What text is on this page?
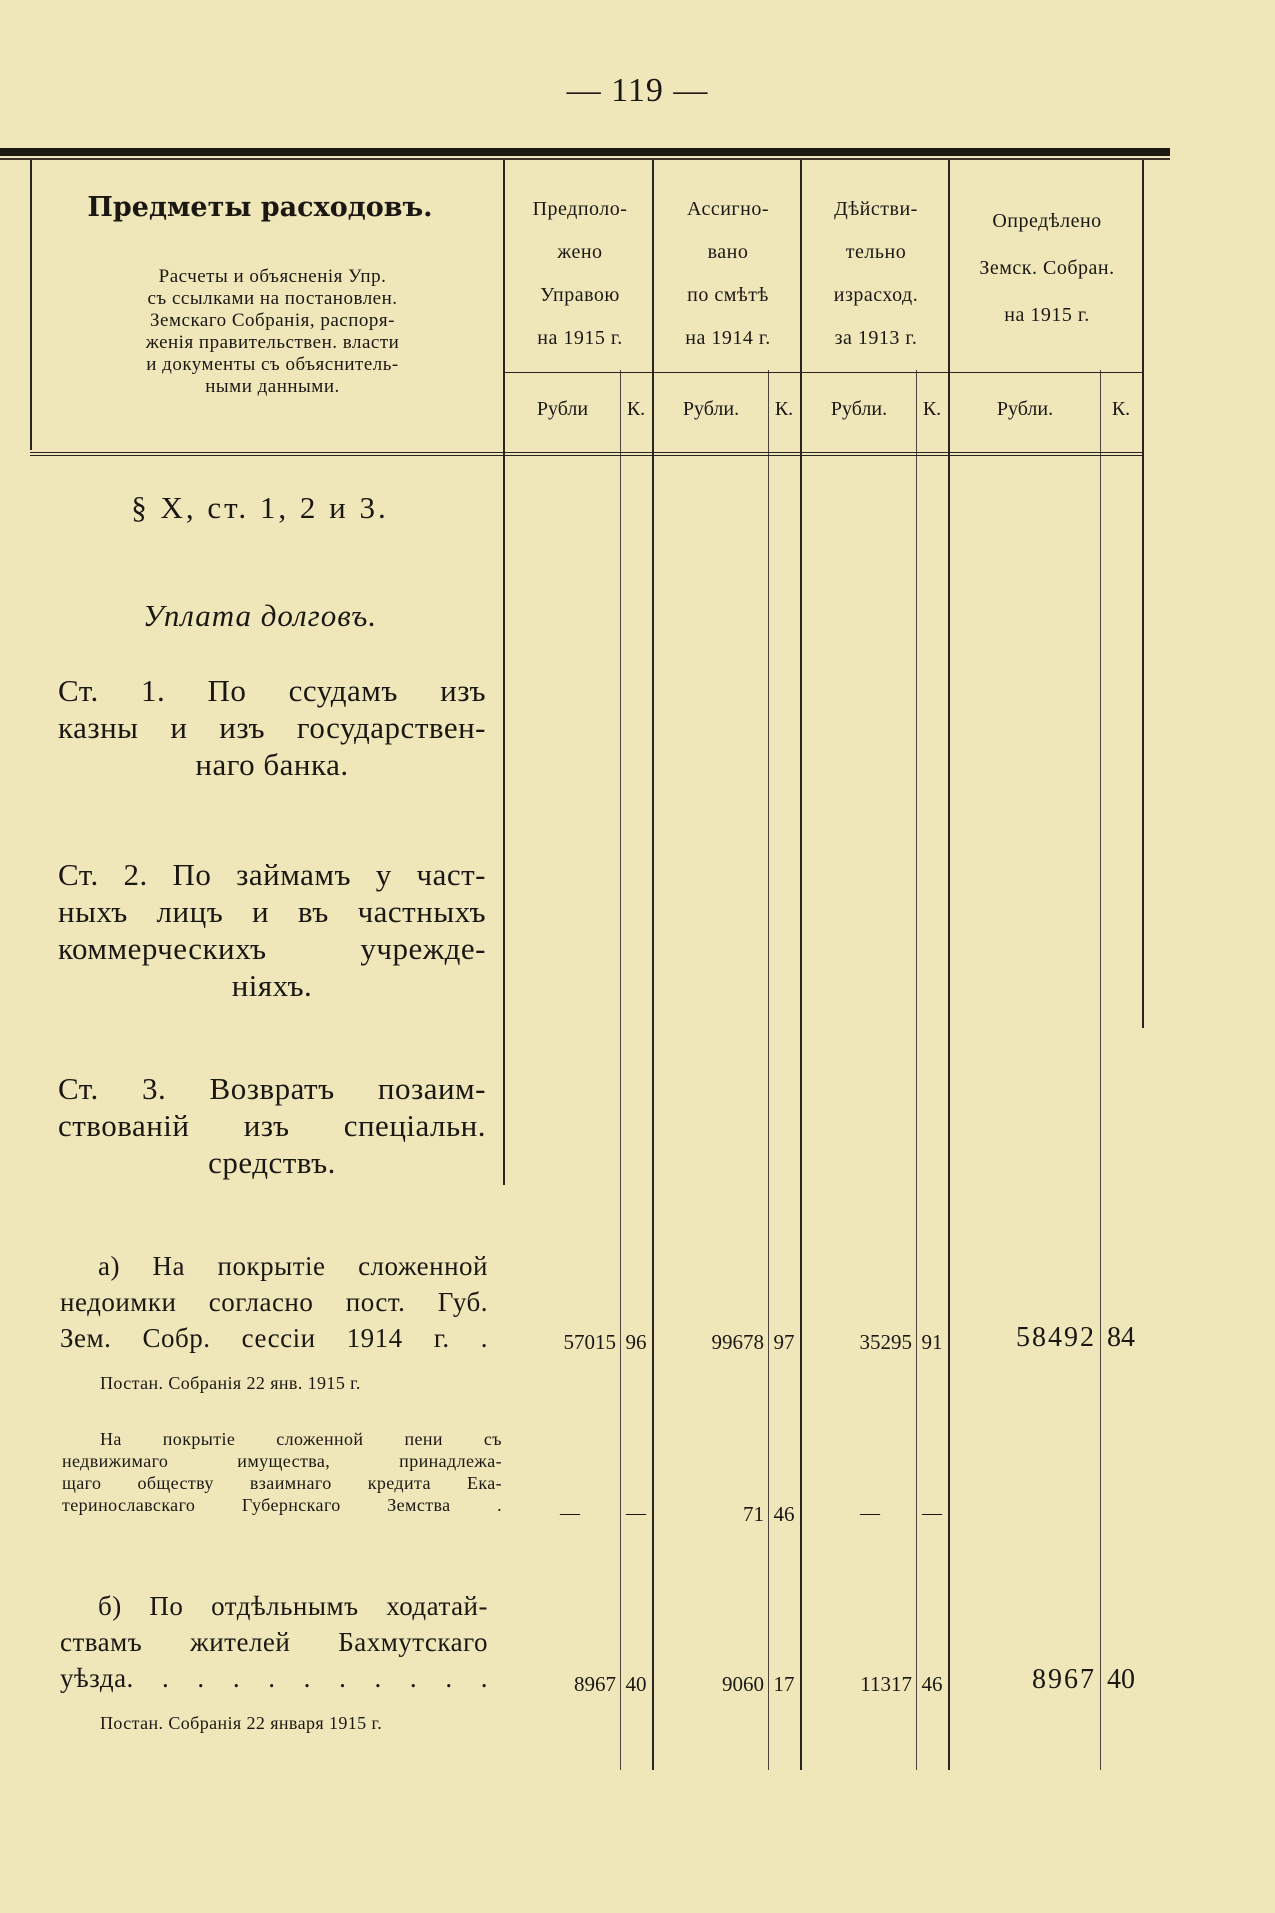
— 119 —
Предметы расходовъ.
Расчеты и объясненія Упр.
съ ссылками на постановлен.
Земскаго Собранія, распоря-
женія правительствен. власти
и документы съ объяснитель-
ными данными.
Предполо-
жено
Управою
на 1915 г.
Ассигно-
вано
по смѣтѣ
на 1914 г.
Дѣйстви-
тельно
израсход.
за 1913 г.
Опредѣлено
Земск. Собран.
на 1915 г.
Рубли	К.	Рубли.	К.	Рубли.	К.	Рубли.	К.
§ X, ст. 1, 2 и 3.
Уплата долговъ.
Ст. 1. По ссудамъ изъ
казны и изъ государствен-
наго банка.
Ст. 2. По займамъ у част-
ныхъ лицъ и въ частныхъ
коммерческихъ учрежде-
ніяхъ.
Ст. 3. Возвратъ позаим-
ствованій изъ спеціальн.
средствъ.
а) На покрытіе сложенной
недоимки согласно пост. Губ.
Зем. Собр. сессіи 1914 г. .
Постан. Собранія 22 янв. 1915 г.
57015 96	99678 97	35295 91	58492 84
На покрытіе сложенной пени съ
недвижимаго имущества, принадлежа-
щаго обществу взаимнаго кредита Ека-
теринославскаго Губернскаго Земства .	—	—	71 46	—	—
б) По отдѣльнымъ ходатай-
ствамъ жителей Бахмутскаго
уѣзда. . . . . . . . . . .
Постан. Собранія 22 января 1915 г.
8967 40	9060 17	11317 46	8967 40
